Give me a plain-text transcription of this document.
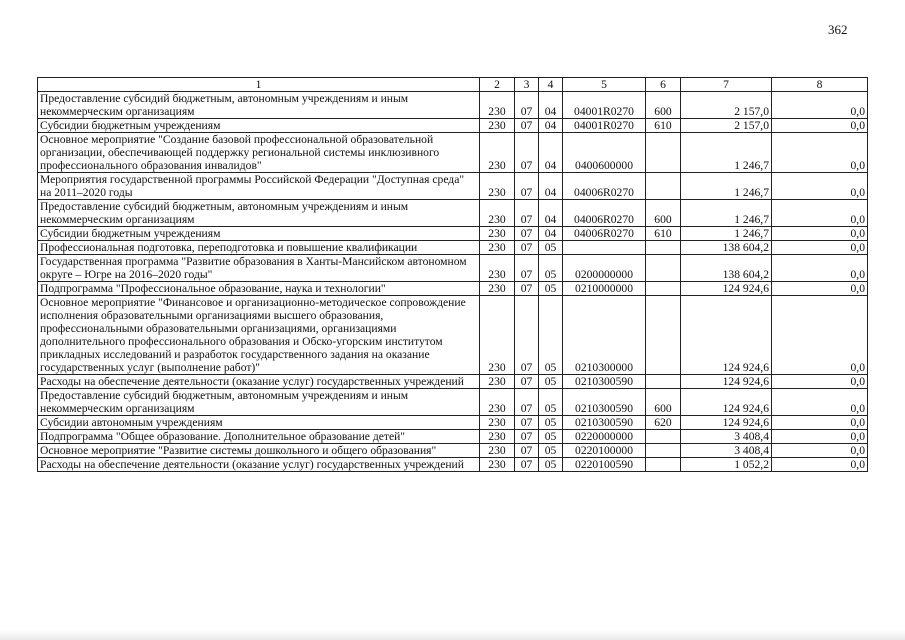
362
1	2	3	4	5	6	7	8
Предоставление субсидий бюджетным, автономным учреждениям и иным некоммерческим организациям	230	07	04	04001R0270	600	2 157,0	0,0
Субсидии бюджетным учреждениям	230	07	04	04001R0270	610	2 157,0	0,0
Основное мероприятие "Создание базовой профессиональной образовательной организации, обеспечивающей поддержку региональной системы инклюзивного профессионального образования инвалидов"	230	07	04	0400600000		1 246,7	0,0
Мероприятия государственной программы Российской Федерации "Доступная среда" на 2011–2020 годы	230	07	04	04006R0270		1 246,7	0,0
Предоставление субсидий бюджетным, автономным учреждениям и иным некоммерческим организациям	230	07	04	04006R0270	600	1 246,7	0,0
Субсидии бюджетным учреждениям	230	07	04	04006R0270	610	1 246,7	0,0
Профессиональная подготовка, переподготовка и повышение квалификации	230	07	05			138 604,2	0,0
Государственная программа "Развитие образования в Ханты-Мансийском автономном округе – Югре на 2016–2020 годы"	230	07	05	0200000000		138 604,2	0,0
Подпрограмма "Профессиональное образование, наука и технологии"	230	07	05	0210000000		124 924,6	0,0
Основное мероприятие "Финансовое и организационно-методическое сопровождение исполнения образовательными организациями высшего образования, профессиональными образовательными организациями, организациями дополнительного профессионального образования и Обско-угорским институтом прикладных исследований и разработок государственного задания на оказание государственных услуг (выполнение работ)"	230	07	05	0210300000		124 924,6	0,0
Расходы на обеспечение деятельности (оказание услуг) государственных учреждений	230	07	05	0210300590		124 924,6	0,0
Предоставление субсидий бюджетным, автономным учреждениям и иным некоммерческим организациям	230	07	05	0210300590	600	124 924,6	0,0
Субсидии автономным учреждениям	230	07	05	0210300590	620	124 924,6	0,0
Подпрограмма "Общее образование. Дополнительное образование детей"	230	07	05	0220000000		3 408,4	0,0
Основное мероприятие "Развитие системы дошкольного и общего образования"	230	07	05	0220100000		3 408,4	0,0
Расходы на обеспечение деятельности (оказание услуг) государственных учреждений	230	07	05	0220100590		1 052,2	0,0
